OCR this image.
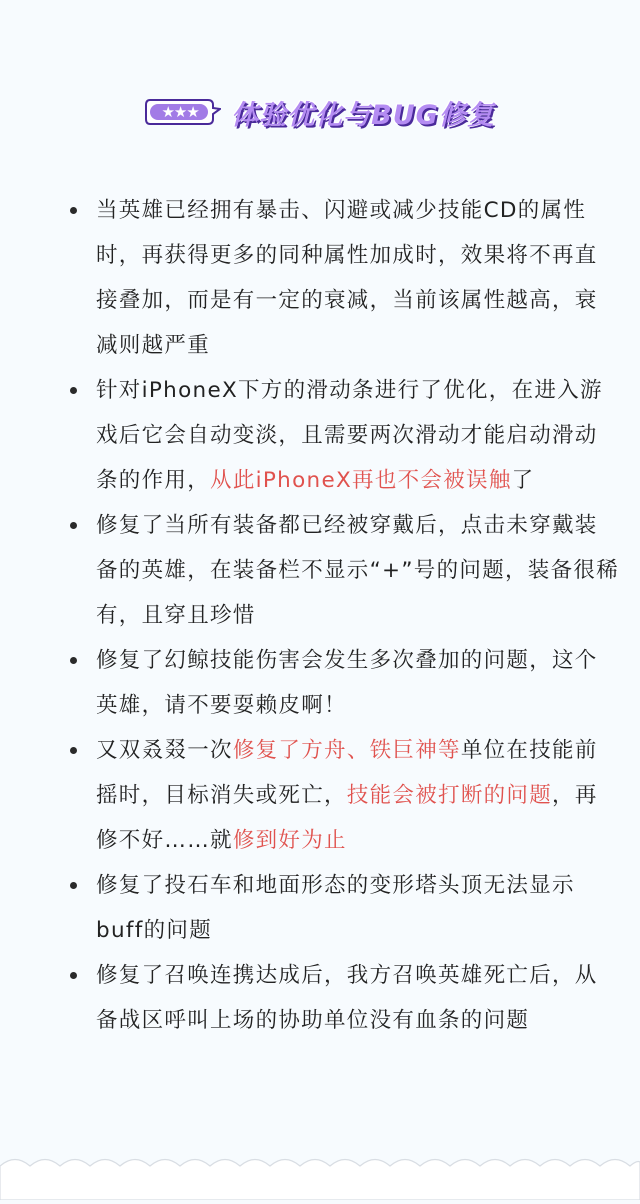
★★★	体验优化与BUG修复
当英雄已经拥有暴击、闪避或减少技能CD的属性时，再获得更多的同种属性加成时，效果将不再直接叠加，而是有一定的衰减，当前该属性越高，衰减则越严重
针对iPhoneX下方的滑动条进行了优化，在进入游戏后它会自动变淡，且需要两次滑动才能启动滑动条的作用，从此iPhoneX再也不会被误触了
修复了当所有装备都已经被穿戴后，点击未穿戴装备的英雄，在装备栏不显示“+”号的问题，装备很稀有，且穿且珍惜
修复了幻鲸技能伤害会发生多次叠加的问题，这个英雄，请不要耍赖皮啊！
又双叒叕一次修复了方舟、铁巨神等单位在技能前摇时，目标消失或死亡，技能会被打断的问题，再修不好……就修到好为止
修复了投石车和地面形态的变形塔头顶无法显示buff的问题
修复了召唤连携达成后，我方召唤英雄死亡后，从备战区呼叫上场的协助单位没有血条的问题
